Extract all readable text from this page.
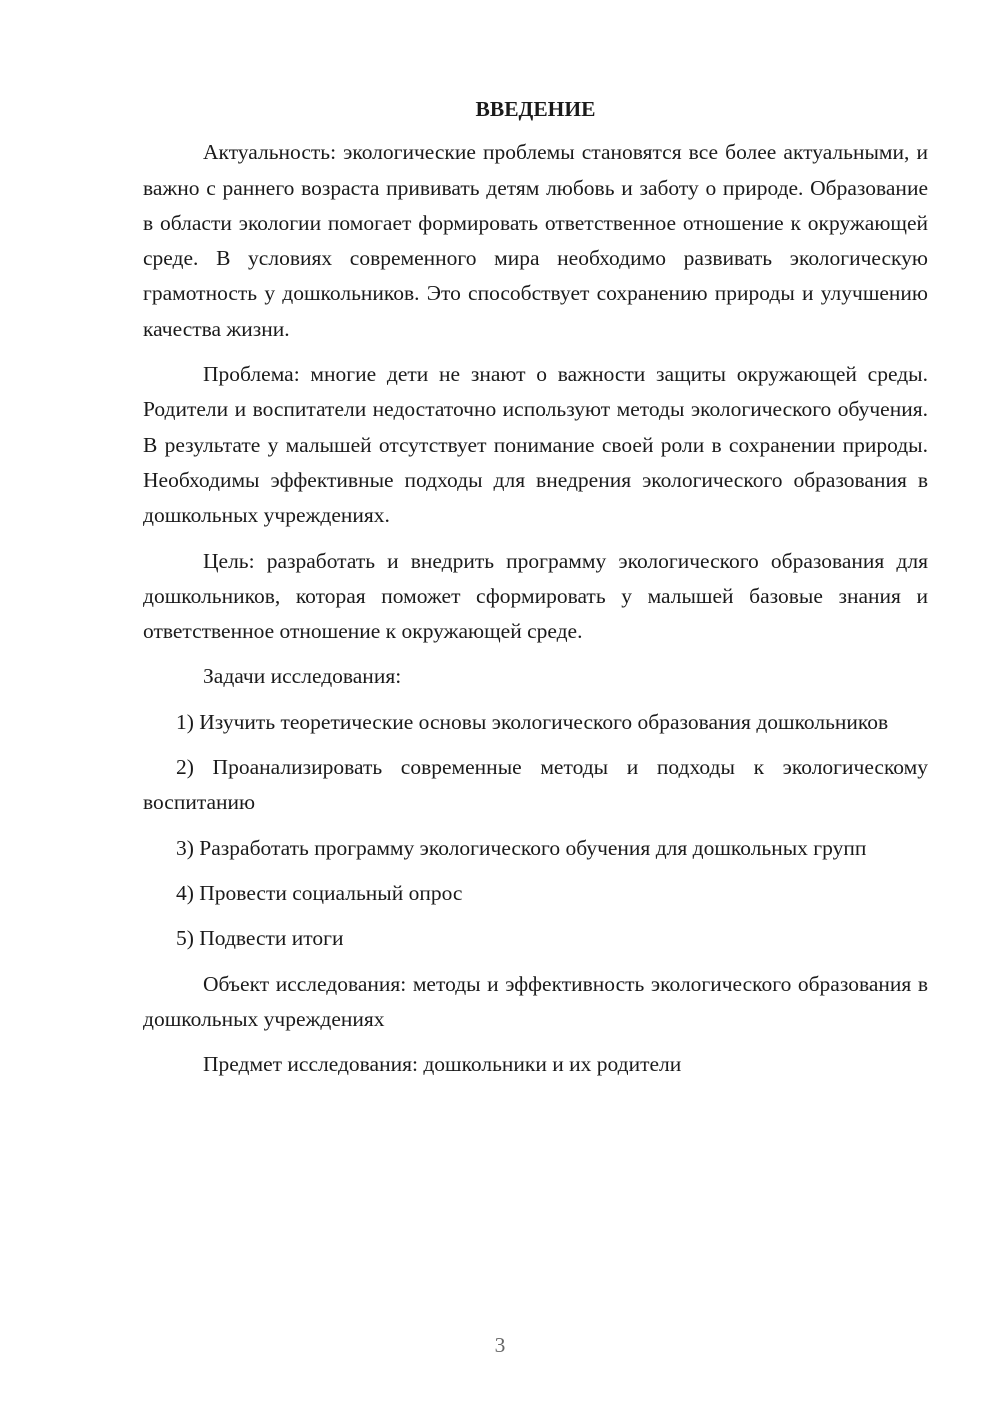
ВВЕДЕНИЕ

Актуальность: экологические проблемы становятся все более актуальными, и важно с раннего возраста прививать детям любовь и заботу о природе. Образование в области экологии помогает формировать ответственное отношение к окружающей среде. В условиях современного мира необходимо развивать экологическую грамотность у дошкольников. Это способствует сохранению природы и улучшению качества жизни.

Проблема: многие дети не знают о важности защиты окружающей среды. Родители и воспитатели недостаточно используют методы экологического обучения. В результате у малышей отсутствует понимание своей роли в сохранении природы. Необходимы эффективные подходы для внедрения экологического образования в дошкольных учреждениях.

Цель: разработать и внедрить программу экологического образования для дошкольников, которая поможет сформировать у малышей базовые знания и ответственное отношение к окружающей среде.

Задачи исследования:

1) Изучить теоретические основы экологического образования дошкольников

2) Проанализировать современные методы и подходы к экологическому воспитанию

3) Разработать программу экологического обучения для дошкольных групп

4) Провести социальный опрос

5) Подвести итоги

Объект исследования: методы и эффективность экологического образования в дошкольных учреждениях

Предмет исследования: дошкольники и их родители

3
